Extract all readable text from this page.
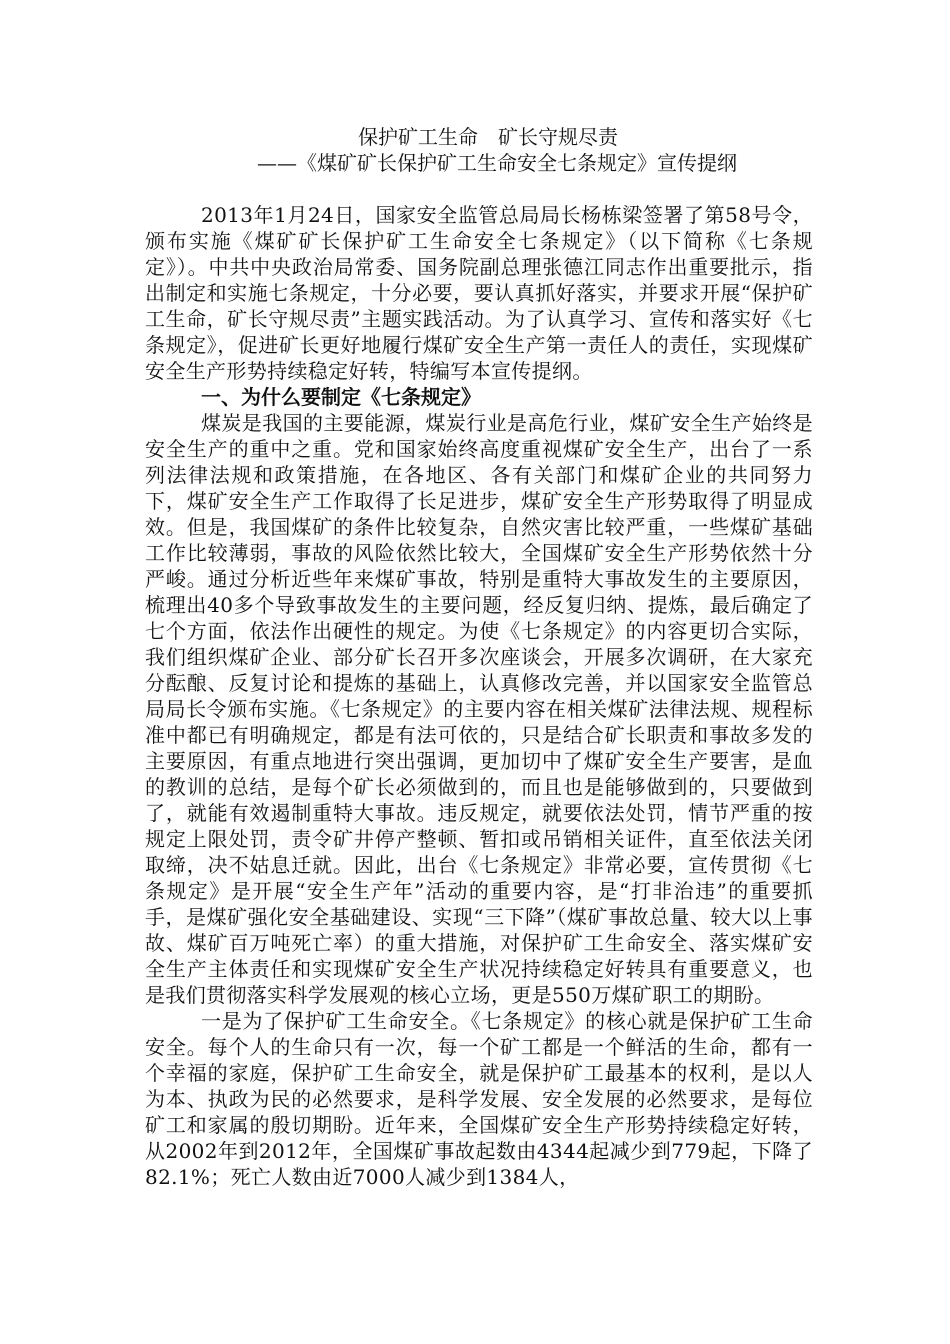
保护矿工生命　矿长守规尽责
——《煤矿矿长保护矿工生命安全七条规定》宣传提纲

2013年1月24日，国家安全监管总局局长杨栋梁签署了第58号令，颁布实施《煤矿矿长保护矿工生命安全七条规定》（以下简称《七条规定》）。中共中央政治局常委、国务院副总理张德江同志作出重要批示，指出制定和实施七条规定，十分必要，要认真抓好落实，并要求开展“保护矿工生命，矿长守规尽责”主题实践活动。为了认真学习、宣传和落实好《七条规定》，促进矿长更好地履行煤矿安全生产第一责任人的责任，实现煤矿安全生产形势持续稳定好转，特编写本宣传提纲。

一、为什么要制定《七条规定》

煤炭是我国的主要能源，煤炭行业是高危行业，煤矿安全生产始终是安全生产的重中之重。党和国家始终高度重视煤矿安全生产，出台了一系列法律法规和政策措施，在各地区、各有关部门和煤矿企业的共同努力下，煤矿安全生产工作取得了长足进步，煤矿安全生产形势取得了明显成效。但是，我国煤矿的条件比较复杂，自然灾害比较严重，一些煤矿基础工作比较薄弱，事故的风险依然比较大，全国煤矿安全生产形势依然十分严峻。通过分析近些年来煤矿事故，特别是重特大事故发生的主要原因，梳理出40多个导致事故发生的主要问题，经反复归纳、提炼，最后确定了七个方面，依法作出硬性的规定。为使《七条规定》的内容更切合实际，我们组织煤矿企业、部分矿长召开多次座谈会，开展多次调研，在大家充分酝酿、反复讨论和提炼的基础上，认真修改完善，并以国家安全监管总局局长令颁布实施。《七条规定》的主要内容在相关煤矿法律法规、规程标准中都已有明确规定，都是有法可依的，只是结合矿长职责和事故多发的主要原因，有重点地进行突出强调，更加切中了煤矿安全生产要害，是血的教训的总结，是每个矿长必须做到的，而且也是能够做到的，只要做到了，就能有效遏制重特大事故。违反规定，就要依法处罚，情节严重的按规定上限处罚，责令矿井停产整顿、暂扣或吊销相关证件，直至依法关闭取缔，决不姑息迁就。因此，出台《七条规定》非常必要，宣传贯彻《七条规定》是开展“安全生产年”活动的重要内容，是“打非治违”的重要抓手，是煤矿强化安全基础建设、实现“三下降”（煤矿事故总量、较大以上事故、煤矿百万吨死亡率）的重大措施，对保护矿工生命安全、落实煤矿安全生产主体责任和实现煤矿安全生产状况持续稳定好转具有重要意义，也是我们贯彻落实科学发展观的核心立场，更是550万煤矿职工的期盼。

一是为了保护矿工生命安全。《七条规定》的核心就是保护矿工生命安全。每个人的生命只有一次，每一个矿工都是一个鲜活的生命，都有一个幸福的家庭，保护矿工生命安全，就是保护矿工最基本的权利，是以人为本、执政为民的必然要求，是科学发展、安全发展的必然要求，是每位矿工和家属的殷切期盼。近年来，全国煤矿安全生产形势持续稳定好转，从2002年到2012年，全国煤矿事故起数由4344起减少到779起，下降了82.1%；死亡人数由近7000人减少到1384人，
